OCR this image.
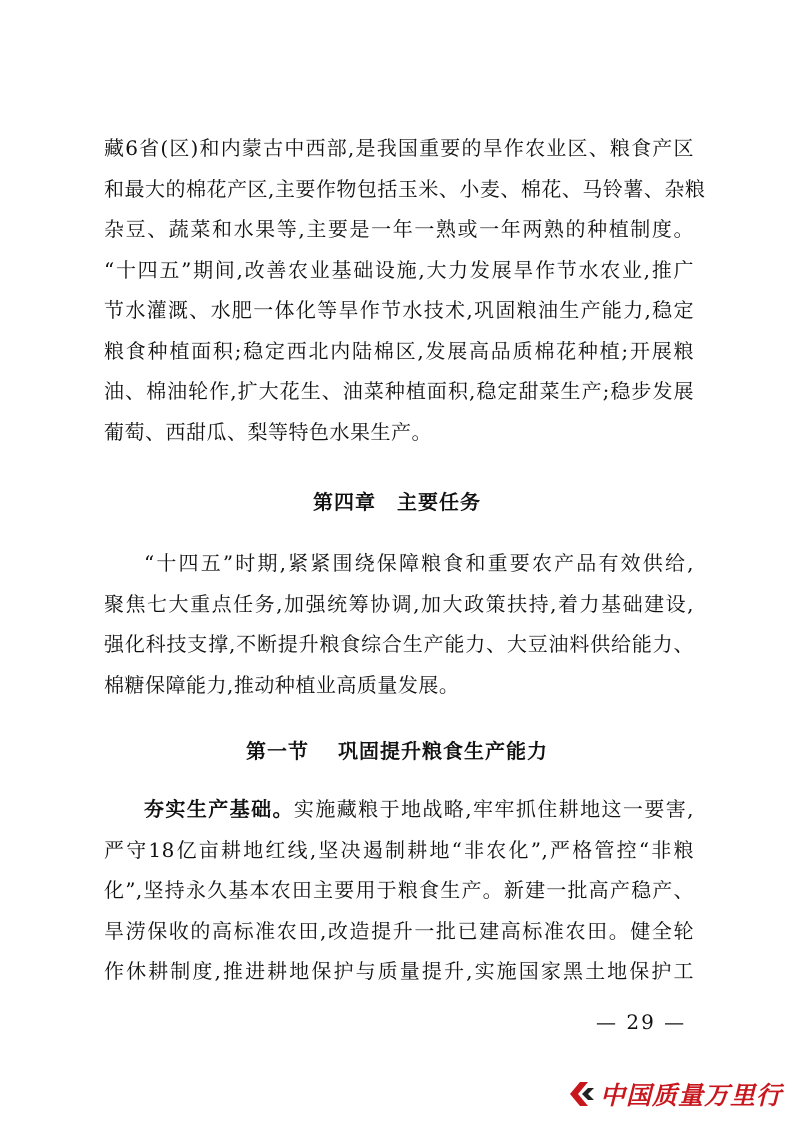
藏6省(区)和内蒙古中西部,是我国重要的旱作农业区、粮食产区
和最大的棉花产区,主要作物包括玉米、小麦、棉花、马铃薯、杂粮
杂豆、蔬菜和水果等,主要是一年一熟或一年两熟的种植制度。
“十四五”期间,改善农业基础设施,大力发展旱作节水农业,推广
节水灌溉、水肥一体化等旱作节水技术,巩固粮油生产能力,稳定
粮食种植面积;稳定西北内陆棉区,发展高品质棉花种植;开展粮
油、棉油轮作,扩大花生、油菜种植面积,稳定甜菜生产;稳步发展
葡萄、西甜瓜、梨等特色水果生产。
第四章　主要任务
“十四五”时期,紧紧围绕保障粮食和重要农产品有效供给,
聚焦七大重点任务,加强统筹协调,加大政策扶持,着力基础建设,
强化科技支撑,不断提升粮食综合生产能力、大豆油料供给能力、
棉糖保障能力,推动种植业高质量发展。
第一节　 巩固提升粮食生产能力
夯实生产基础。实施藏粮于地战略,牢牢抓住耕地这一要害,
严守18亿亩耕地红线,坚决遏制耕地“非农化”,严格管控“非粮
化”,坚持永久基本农田主要用于粮食生产。新建一批高产稳产、
旱涝保收的高标准农田,改造提升一批已建高标准农田。健全轮
作休耕制度,推进耕地保护与质量提升,实施国家黑土地保护工
— 29 —
中国质量万里行
